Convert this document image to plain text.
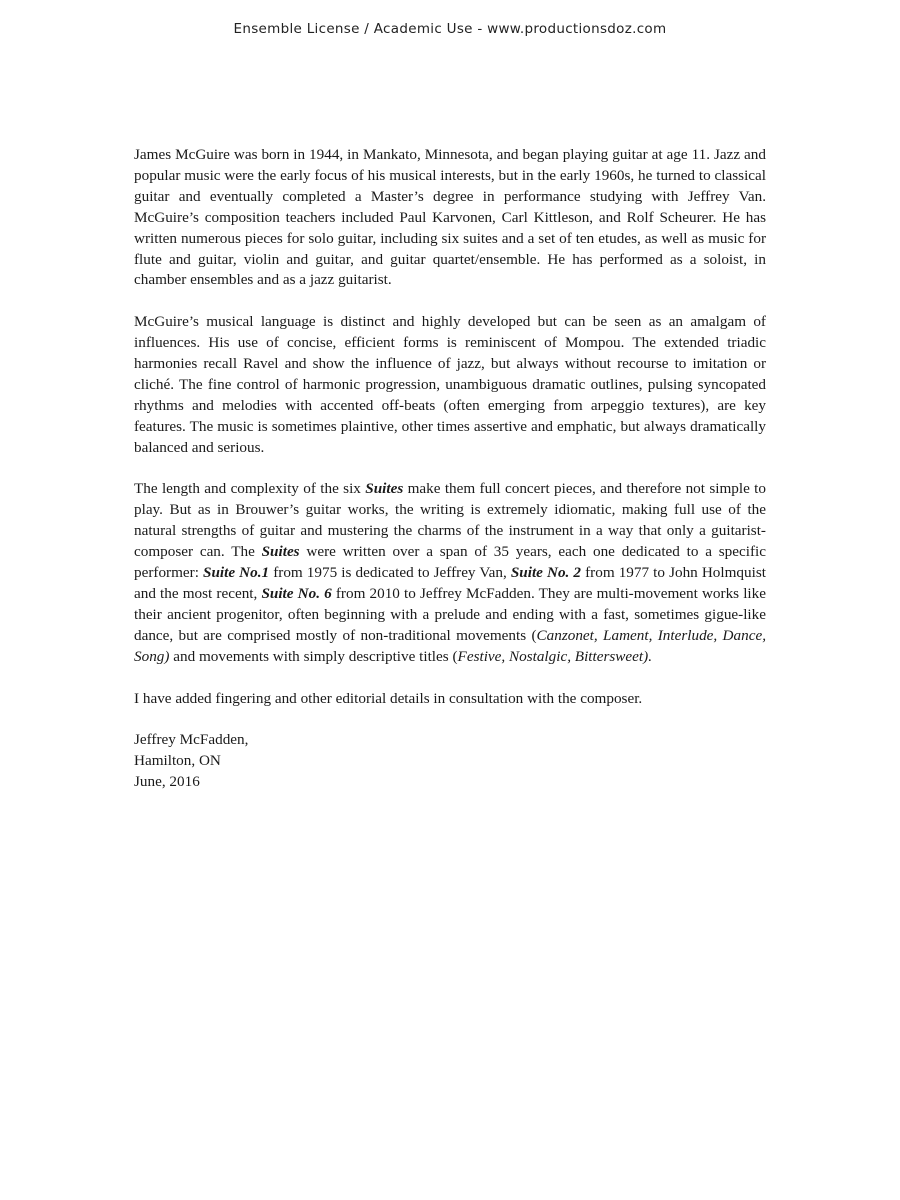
Ensemble License / Academic Use - www.productionsdoz.com

James McGuire was born in 1944, in Mankato, Minnesota, and began playing guitar at age 11. Jazz and popular music were the early focus of his musical interests, but in the early 1960s, he turned to classical guitar and eventually completed a Master’s degree in performance studying with Jeffrey Van. McGuire’s composition teachers included Paul Karvonen, Carl Kittleson, and Rolf Scheurer. He has written numerous pieces for solo guitar, including six suites and a set of ten etudes, as well as music for flute and guitar, violin and guitar, and guitar quartet/ensemble. He has performed as a soloist, in chamber ensembles and as a jazz guitarist.

McGuire’s musical language is distinct and highly developed but can be seen as an amalgam of influences. His use of concise, efficient forms is reminiscent of Mompou. The extended triadic harmonies recall Ravel and show the influence of jazz, but always without recourse to imitation or cliché. The fine control of harmonic progression, unambiguous dramatic outlines, pulsing syncopated rhythms and melodies with accented off-beats (often emerging from arpeggio textures), are key features. The music is sometimes plaintive, other times assertive and emphatic, but always dramatically balanced and serious.

The length and complexity of the six Suites make them full concert pieces, and therefore not simple to play. But as in Brouwer’s guitar works, the writing is extremely idiomatic, making full use of the natural strengths of guitar and mustering the charms of the instrument in a way that only a guitarist-composer can. The Suites were written over a span of 35 years, each one dedicated to a specific performer: Suite No.1 from 1975 is dedicated to Jeffrey Van, Suite No. 2 from 1977 to John Holmquist and the most recent, Suite No. 6 from 2010 to Jeffrey McFadden. They are multi-movement works like their ancient progenitor, often beginning with a prelude and ending with a fast, sometimes gigue-like dance, but are comprised mostly of non-traditional movements (Canzonet, Lament, Interlude, Dance, Song) and movements with simply descriptive titles (Festive, Nostalgic, Bittersweet).

I have added fingering and other editorial details in consultation with the composer.

Jeffrey McFadden,
Hamilton, ON
June, 2016
